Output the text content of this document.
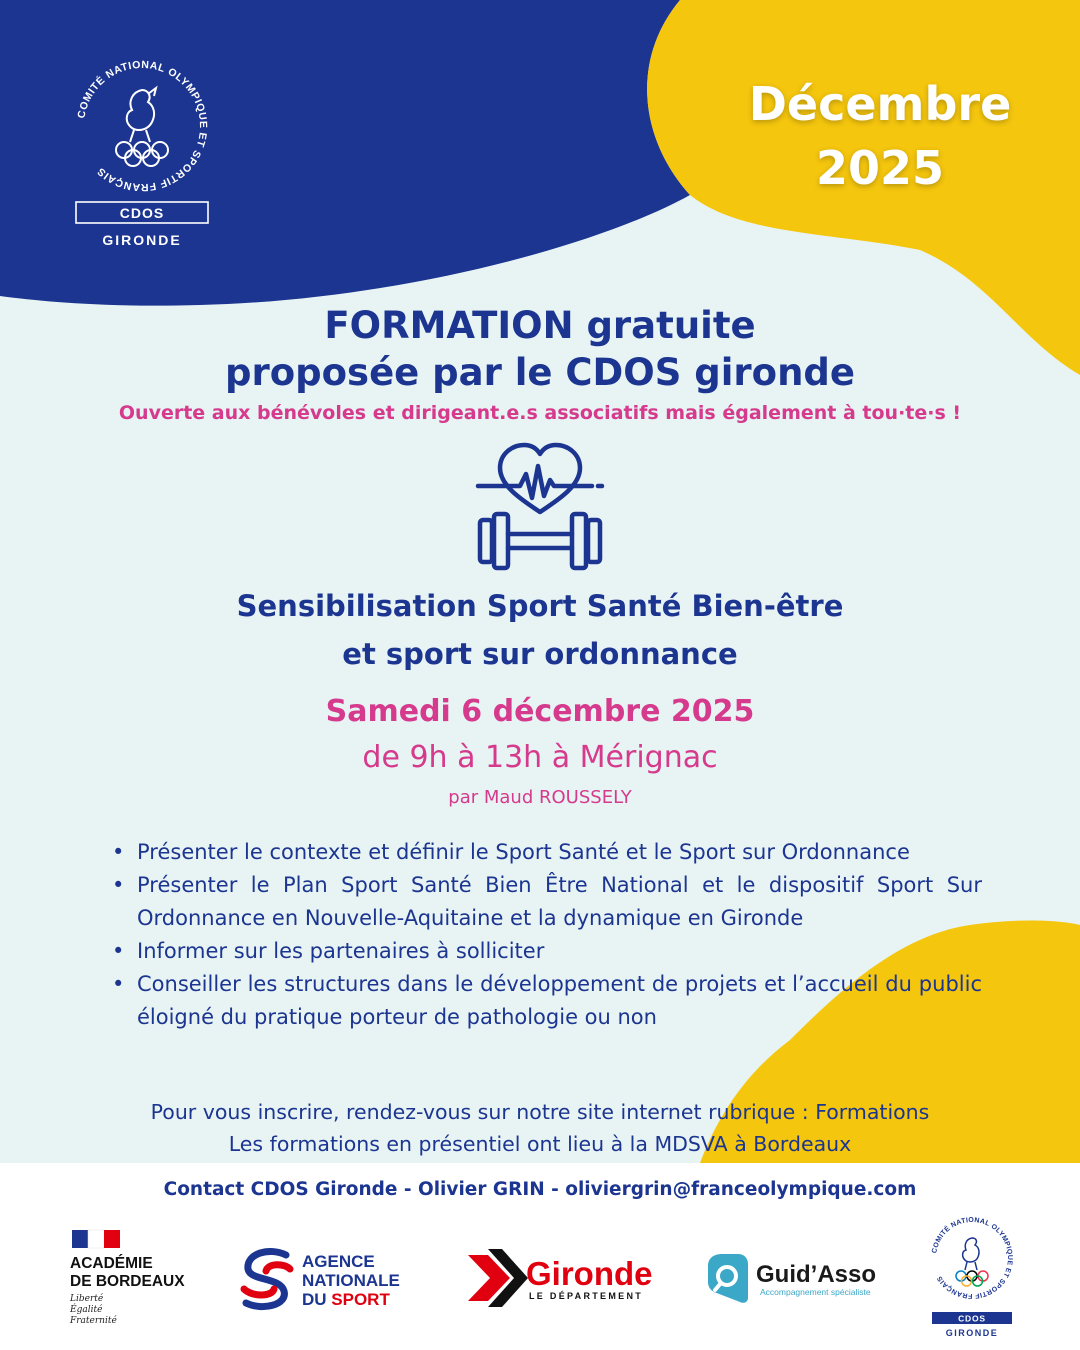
COMITÉ NATIONAL OLYMPIQUE ET SPORTIF FRANÇAIS
CDOS
GIRONDE
Décembre
2025
FORMATION gratuite
proposée par le CDOS gironde
Ouverte aux bénévoles et dirigeant.e.s associatifs mais également à tou·te·s !
Sensibilisation Sport Santé Bien-être
et sport sur ordonnance
Samedi 6 décembre 2025
de 9h à 13h à Mérignac
par Maud ROUSSELY
• Présenter le contexte et définir le Sport Santé et le Sport sur Ordonnance
• Présenter le Plan Sport Santé Bien Être National et le dispositif Sport Sur Ordonnance en Nouvelle-Aquitaine et la dynamique en Gironde
• Informer sur les partenaires à solliciter
• Conseiller les structures dans le développement de projets et l’accueil du public éloigné du pratique porteur de pathologie ou non
Pour vous inscrire, rendez-vous sur notre site internet rubrique : Formations
Les formations en présentiel ont lieu à la MDSVA à Bordeaux
Contact CDOS Gironde - Olivier GRIN - oliviergrin@franceolympique.com
ACADÉMIE
DE BORDEAUX
Liberté
Égalité
Fraternité
AGENCE
NATIONALE
DU SPORT
Gironde
LE DÉPARTEMENT
Guid’Asso
Accompagnement spécialiste
COMITÉ NATIONAL OLYMPIQUE ET SPORTIF FRANÇAIS
CDOS
GIRONDE
